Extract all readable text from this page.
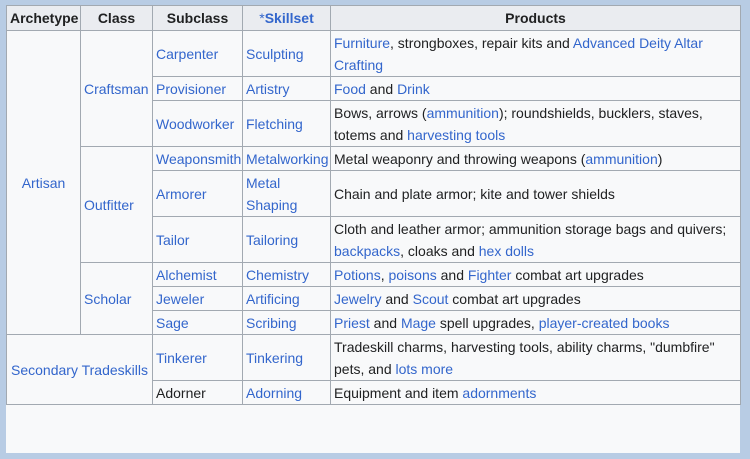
Archetype	Class	Subclass	*Skillset	Products
Artisan	Craftsman	Carpenter	Sculpting	Furniture, strongboxes, repair kits and Advanced Deity Altar Crafting
		Provisioner	Artistry	Food and Drink
		Woodworker	Fletching	Bows, arrows (ammunition); roundshields, bucklers, staves, totems and harvesting tools
	Outfitter	Weaponsmith	Metalworking	Metal weaponry and throwing weapons (ammunition)
		Armorer	Metal Shaping	Chain and plate armor; kite and tower shields
		Tailor	Tailoring	Cloth and leather armor; ammunition storage bags and quivers; backpacks, cloaks and hex dolls
	Scholar	Alchemist	Chemistry	Potions, poisons and Fighter combat art upgrades
		Jeweler	Artificing	Jewelry and Scout combat art upgrades
		Sage	Scribing	Priest and Mage spell upgrades, player-created books
Secondary Tradeskills		Tinkerer	Tinkering	Tradeskill charms, harvesting tools, ability charms, "dumbfire" pets, and lots more
		Adorner	Adorning	Equipment and item adornments
